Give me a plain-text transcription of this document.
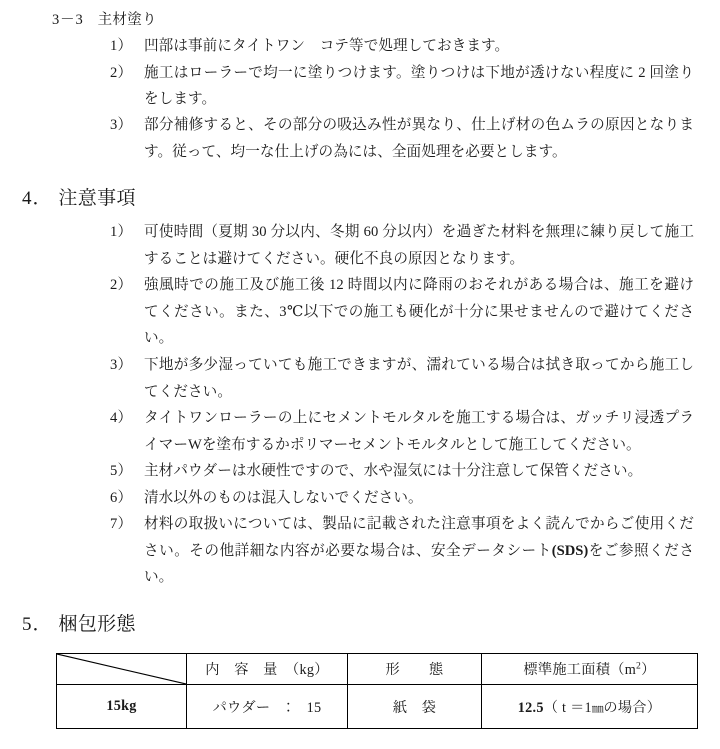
3－3 主材塗り
1） 凹部は事前にタイトワン　コテ等で処理しておきます。
2） 施工はローラーで均一に塗りつけます。塗りつけは下地が透けない程度に 2 回塗りをします。
3） 部分補修すると、その部分の吸込み性が異なり、仕上げ材の色ムラの原因となります。従って、均一な仕上げの為には、全面処理を必要とします。
4． 注意事項
1） 可使時間（夏期 30 分以内、冬期 60 分以内）を過ぎた材料を無理に練り戻して施工することは避けてください。硬化不良の原因となります。
2） 強風時での施工及び施工後 12 時間以内に降雨のおそれがある場合は、施工を避けてください。また、3℃以下での施工も硬化が十分に果せませんので避けてください。
3） 下地が多少湿っていても施工できますが、濡れている場合は拭き取ってから施工してください。
4） タイトワンローラーの上にセメントモルタルを施工する場合は、ガッチリ浸透プライマーWを塗布するかポリマーセメントモルタルとして施工してください。
5） 主材パウダーは水硬性ですので、水や湿気には十分注意して保管ください。
6） 清水以外のものは混入しないでください。
7） 材料の取扱いについては、製品に記載された注意事項をよく読んでからご使用ください。その他詳細な内容が必要な場合は、安全データシート(SDS)をご参照ください。
5． 梱包形態
	内　容　量　（kg）	形　　態	標準施工面積$(m^2)$
15kg	パウダー　：　15	紙　袋	12.5（ t ＝1㎜の場合）
